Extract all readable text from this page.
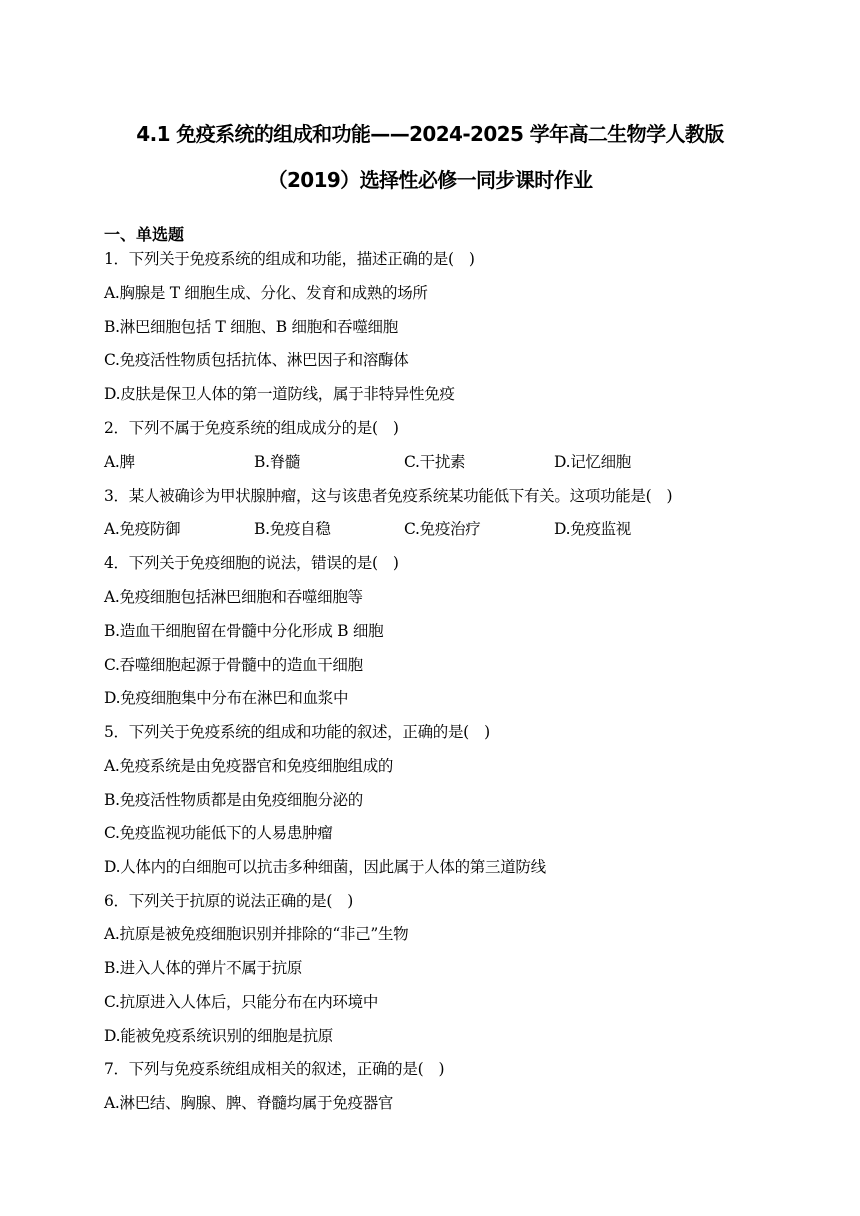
4.1 免疫系统的组成和功能——2024-2025 学年高二生物学人教版
（2019）选择性必修一同步课时作业
一、单选题
1．下列关于免疫系统的组成和功能，描述正确的是(　)
A.胸腺是 T 细胞生成、分化、发育和成熟的场所
B.淋巴细胞包括 T 细胞、B 细胞和吞噬细胞
C.免疫活性物质包括抗体、淋巴因子和溶酶体
D.皮肤是保卫人体的第一道防线，属于非特异性免疫
2．下列不属于免疫系统的组成成分的是(　)
A.脾	B.脊髓	C.干扰素	D.记忆细胞
3．某人被确诊为甲状腺肿瘤，这与该患者免疫系统某功能低下有关。这项功能是(　)
A.免疫防御	B.免疫自稳	C.免疫治疗	D.免疫监视
4．下列关于免疫细胞的说法，错误的是(　)
A.免疫细胞包括淋巴细胞和吞噬细胞等
B.造血干细胞留在骨髓中分化形成 B 细胞
C.吞噬细胞起源于骨髓中的造血干细胞
D.免疫细胞集中分布在淋巴和血浆中
5．下列关于免疫系统的组成和功能的叙述，正确的是(　)
A.免疫系统是由免疫器官和免疫细胞组成的
B.免疫活性物质都是由免疫细胞分泌的
C.免疫监视功能低下的人易患肿瘤
D.人体内的白细胞可以抗击多种细菌，因此属于人体的第三道防线
6．下列关于抗原的说法正确的是(　)
A.抗原是被免疫细胞识别并排除的“非己”生物
B.进入人体的弹片不属于抗原
C.抗原进入人体后，只能分布在内环境中
D.能被免疫系统识别的细胞是抗原
7．下列与免疫系统组成相关的叙述，正确的是(　)
A.淋巴结、胸腺、脾、脊髓均属于免疫器官
